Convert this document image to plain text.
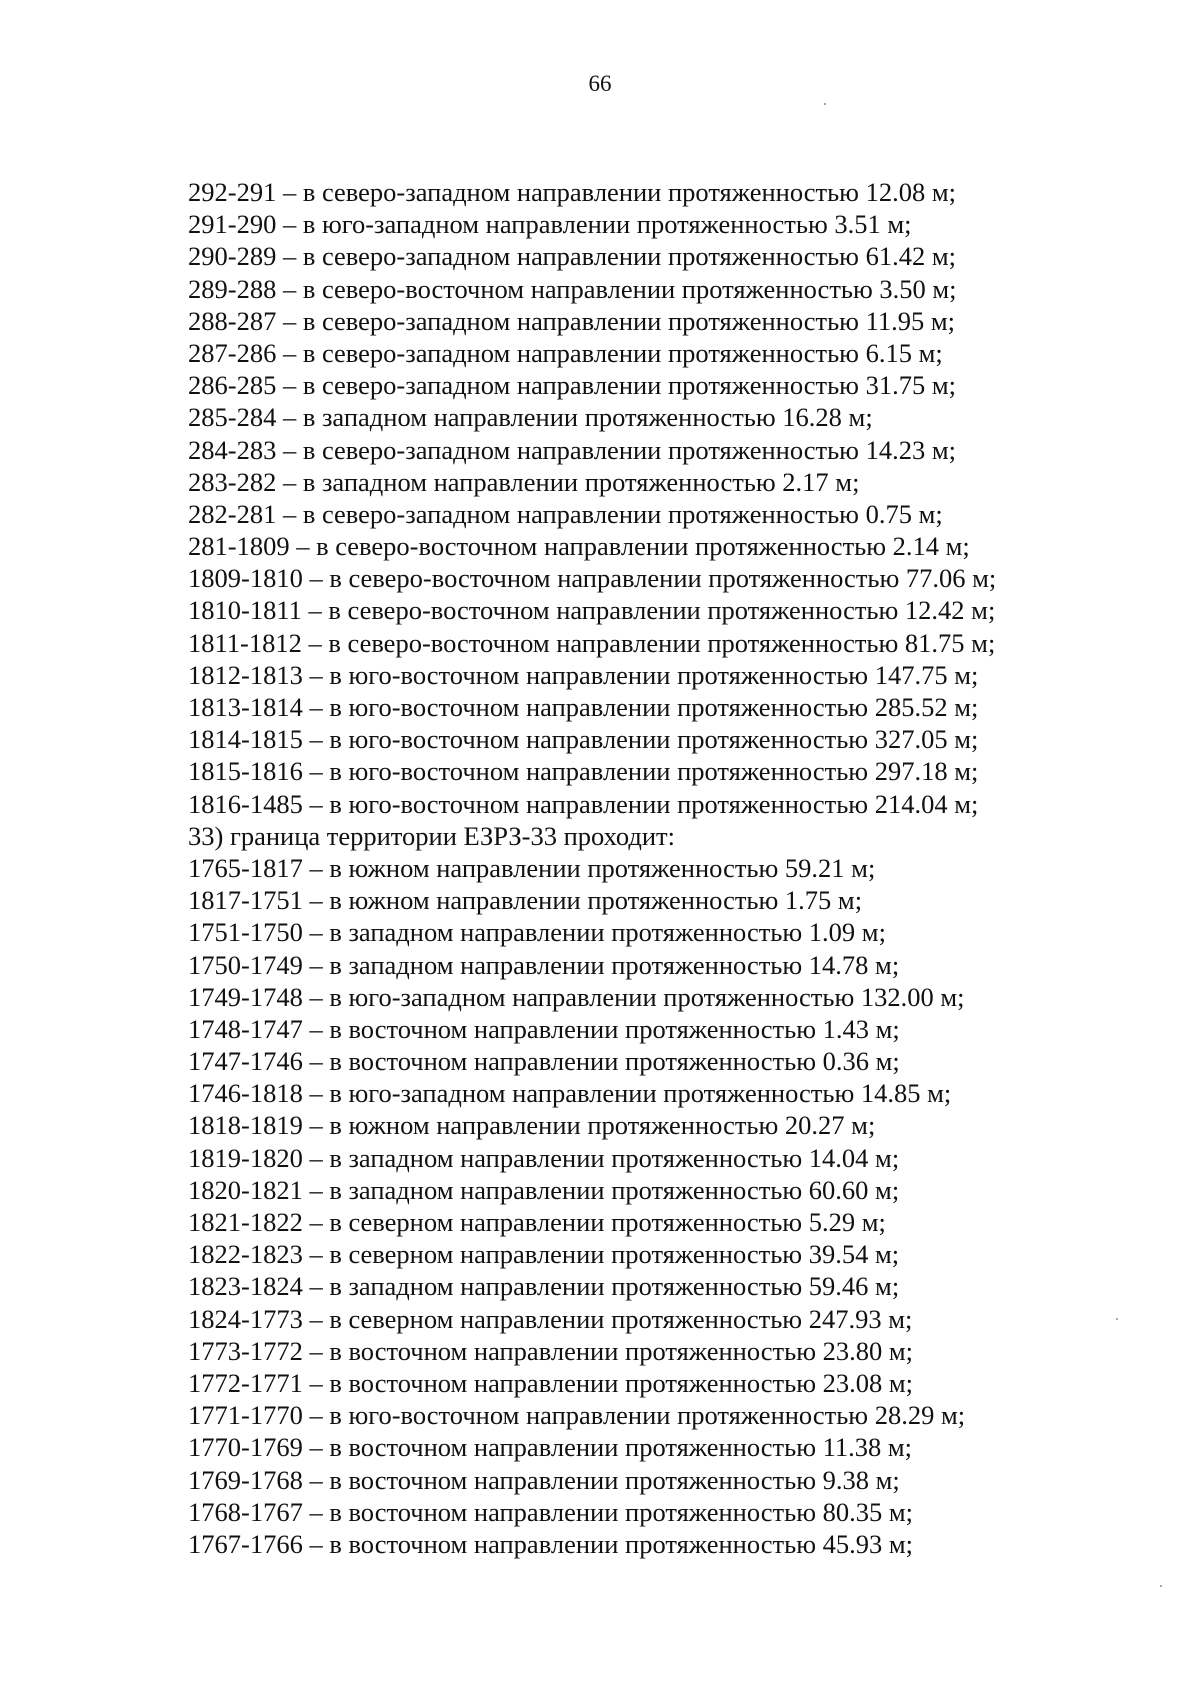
66
292-291 – в северо-западном направлении протяженностью 12.08 м;
291-290 – в юго-западном направлении протяженностью 3.51 м;
290-289 – в северо-западном направлении протяженностью 61.42 м;
289-288 – в северо-восточном направлении протяженностью 3.50 м;
288-287 – в северо-западном направлении протяженностью 11.95 м;
287-286 – в северо-западном направлении протяженностью 6.15 м;
286-285 – в северо-западном направлении протяженностью 31.75 м;
285-284 – в западном направлении протяженностью 16.28 м;
284-283 – в северо-западном направлении протяженностью 14.23 м;
283-282 – в западном направлении протяженностью 2.17 м;
282-281 – в северо-западном направлении протяженностью 0.75 м;
281-1809 – в северо-восточном направлении протяженностью 2.14 м;
1809-1810 – в северо-восточном направлении протяженностью 77.06 м;
1810-1811 – в северо-восточном направлении протяженностью 12.42 м;
1811-1812 – в северо-восточном направлении протяженностью 81.75 м;
1812-1813 – в юго-восточном направлении протяженностью 147.75 м;
1813-1814 – в юго-восточном направлении протяженностью 285.52 м;
1814-1815 – в юго-восточном направлении протяженностью 327.05 м;
1815-1816 – в юго-восточном направлении протяженностью 297.18 м;
1816-1485 – в юго-восточном направлении протяженностью 214.04 м;
33) граница территории ЕЗРЗ-33 проходит:
1765-1817 – в южном направлении протяженностью 59.21 м;
1817-1751 – в южном направлении протяженностью 1.75 м;
1751-1750 – в западном направлении протяженностью 1.09 м;
1750-1749 – в западном направлении протяженностью 14.78 м;
1749-1748 – в юго-западном направлении протяженностью 132.00 м;
1748-1747 – в восточном направлении протяженностью 1.43 м;
1747-1746 – в восточном направлении протяженностью 0.36 м;
1746-1818 – в юго-западном направлении протяженностью 14.85 м;
1818-1819 – в южном направлении протяженностью 20.27 м;
1819-1820 – в западном направлении протяженностью 14.04 м;
1820-1821 – в западном направлении протяженностью 60.60 м;
1821-1822 – в северном направлении протяженностью 5.29 м;
1822-1823 – в северном направлении протяженностью 39.54 м;
1823-1824 – в западном направлении протяженностью 59.46 м;
1824-1773 – в северном направлении протяженностью 247.93 м;
1773-1772 – в восточном направлении протяженностью 23.80 м;
1772-1771 – в восточном направлении протяженностью 23.08 м;
1771-1770 – в юго-восточном направлении протяженностью 28.29 м;
1770-1769 – в восточном направлении протяженностью 11.38 м;
1769-1768 – в восточном направлении протяженностью 9.38 м;
1768-1767 – в восточном направлении протяженностью 80.35 м;
1767-1766 – в восточном направлении протяженностью 45.93 м;
